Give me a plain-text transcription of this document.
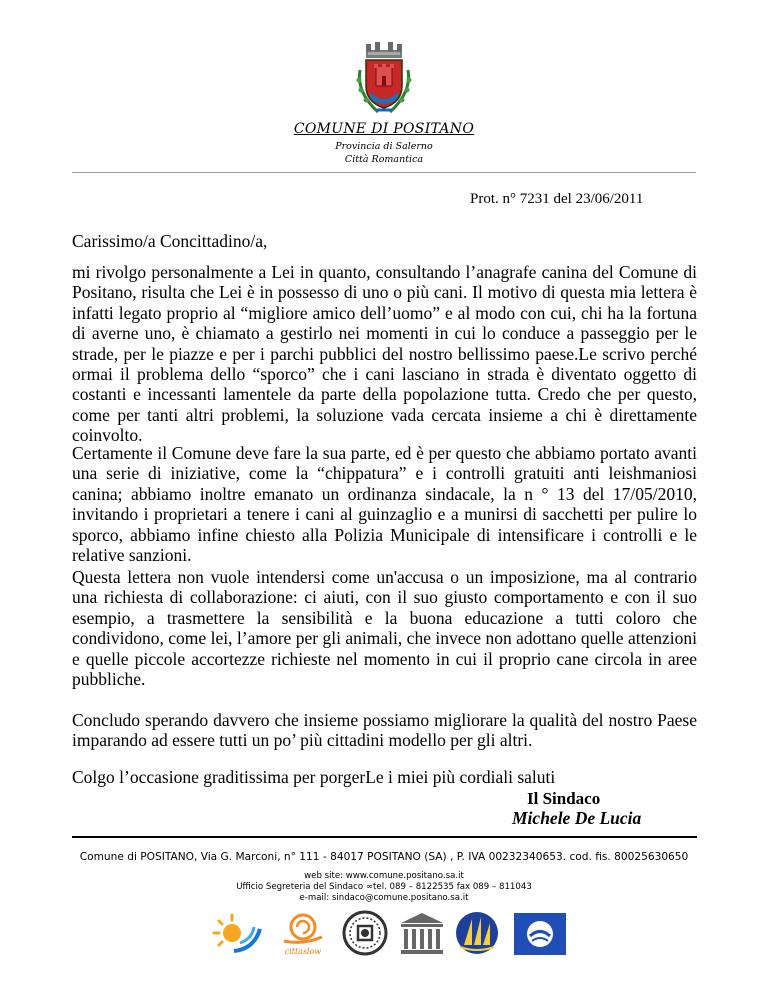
COMUNE DI POSITANO
Provincia di Salerno
Città Romantica
Prot. n° 7231 del 23/06/2011
Carissimo/a Concittadino/a,
mi rivolgo personalmente a Lei in quanto, consultando l’anagrafe canina del Comune di Positano, risulta che Lei è in possesso di uno o più cani. Il motivo di questa mia lettera è infatti legato proprio al “migliore amico dell’uomo” e al modo con cui, chi ha la fortuna di averne uno, è chiamato a gestirlo nei momenti in cui lo conduce a passeggio per le strade, per le piazze e per i parchi pubblici del nostro bellissimo paese.Le scrivo perché ormai il problema dello “sporco” che i cani lasciano in strada è diventato oggetto di costanti e incessanti lamentele da parte della popolazione tutta. Credo che per questo, come per tanti altri problemi, la soluzione vada cercata insieme a chi è direttamente coinvolto.
Certamente il Comune deve fare la sua parte, ed è per questo che abbiamo portato avanti una serie di iniziative, come la “chippatura” e i controlli gratuiti anti leishmaniosi canina; abbiamo inoltre emanato un ordinanza sindacale, la n ° 13 del 17/05/2010, invitando i proprietari a tenere i cani al guinzaglio e a munirsi di sacchetti per pulire lo sporco, abbiamo infine chiesto alla Polizia Municipale di intensificare i controlli e le relative sanzioni.
Questa lettera non vuole intendersi come un'accusa o un imposizione, ma al contrario una richiesta di collaborazione: ci aiuti, con il suo giusto comportamento e con il suo esempio, a trasmettere la sensibilità e la buona educazione a tutti coloro che condividono, come lei, l’amore per gli animali, che invece non adottano quelle attenzioni e quelle piccole accortezze richieste nel momento in cui il proprio cane circola in aree pubbliche.
Concludo sperando davvero che insieme possiamo migliorare la qualità del nostro Paese imparando ad essere tutti un po’ più cittadini modello per gli altri.
Colgo l’occasione graditissima per porgerLe i miei più cordiali saluti
Il Sindaco
Michele De Lucia
Comune di POSITANO, Via G. Marconi, n° 111 - 84017 POSITANO (SA) , P. IVA 00232340653. cod. fis. 80025630650
web site: www.comune.positano.sa.it
Ufficio Segreteria del Sindaco ∞tel. 089 – 8122535 fax 089 – 811043
e-mail: sindaco@comune.positano.sa.it
cittaslow
